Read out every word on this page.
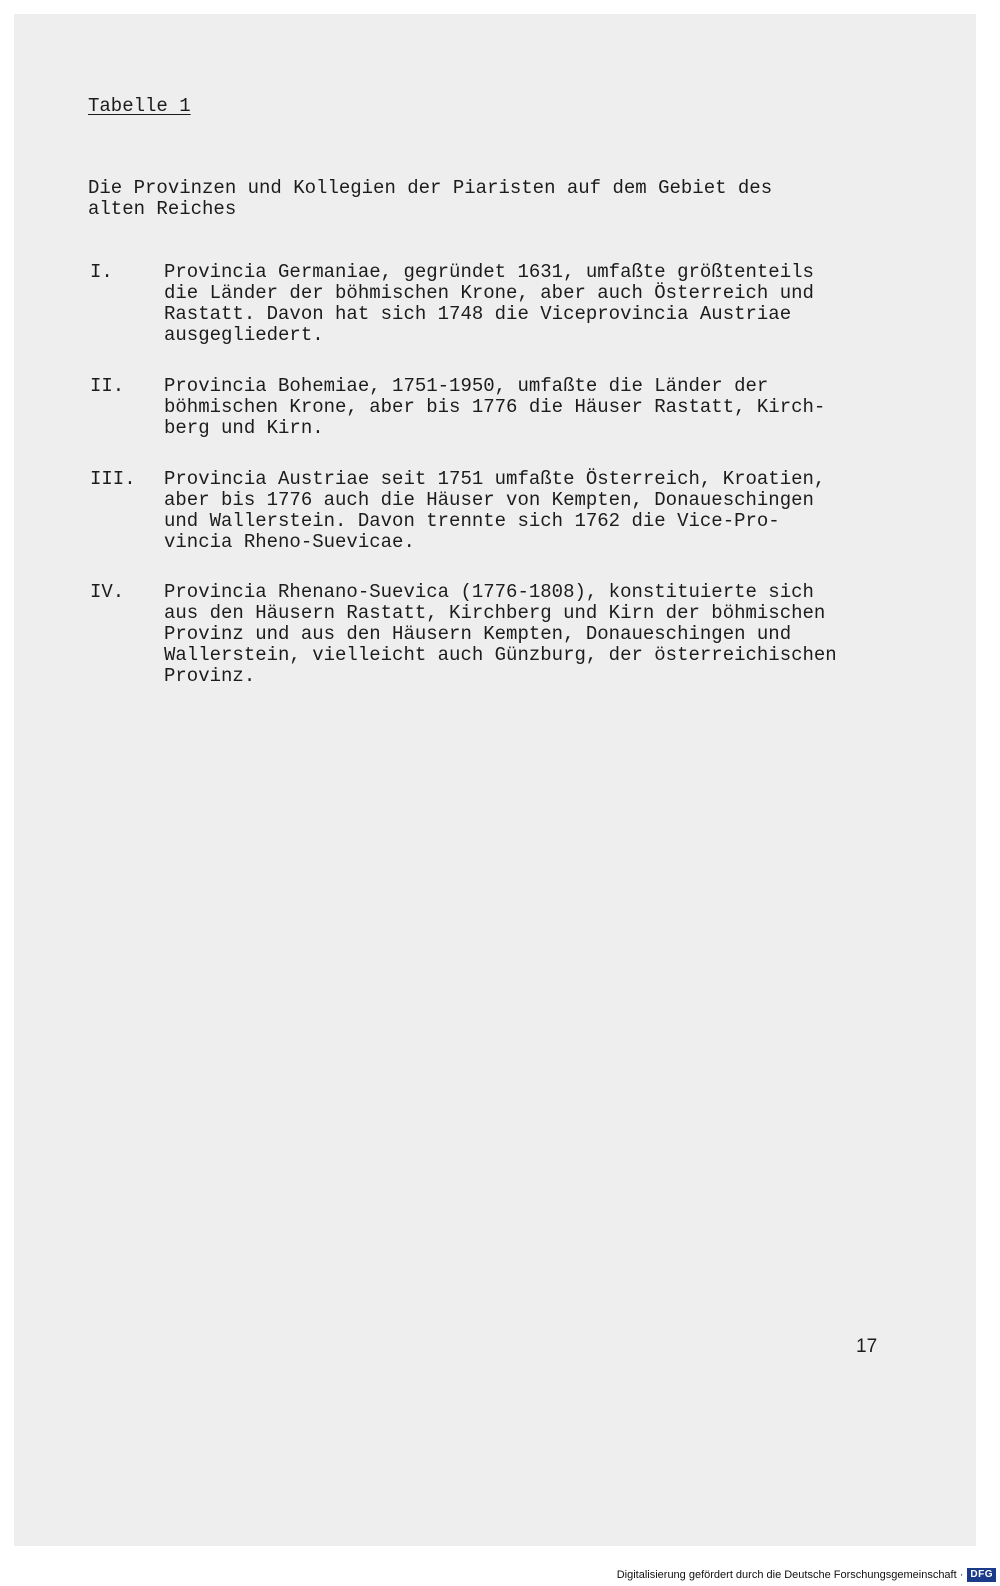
Tabelle 1
Die Provinzen und Kollegien der Piaristen auf dem Gebiet des
alten Reiches
I.	Provincia Germaniae, gegründet 1631, umfaßte größtenteils
die Länder der böhmischen Krone, aber auch Österreich und
Rastatt. Davon hat sich 1748 die Viceprovincia Austriae
ausgegliedert.
II. Provincia Bohemiae, 1751-1950, umfaßte die Länder der
böhmischen Krone, aber bis 1776 die Häuser Rastatt, Kirch-
berg und Kirn.
III. Provincia Austriae seit 1751 umfaßte Österreich, Kroatien,
aber bis 1776 auch die Häuser von Kempten, Donaueschingen
und Wallerstein. Davon trennte sich 1762 die Vice-Pro-
vincia Rheno-Suevicae.
IV. Provincia Rhenano-Suevica (1776-1808), konstituierte sich
aus den Häusern Rastatt, Kirchberg und Kirn der böhmischen
Provinz und aus den Häusern Kempten, Donaueschingen und
Wallerstein, vielleicht auch Günzburg, der österreichischen
Provinz.
17
Digitalisierung gefördert durch die Deutsche Forschungsgemeinschaft · DFG
